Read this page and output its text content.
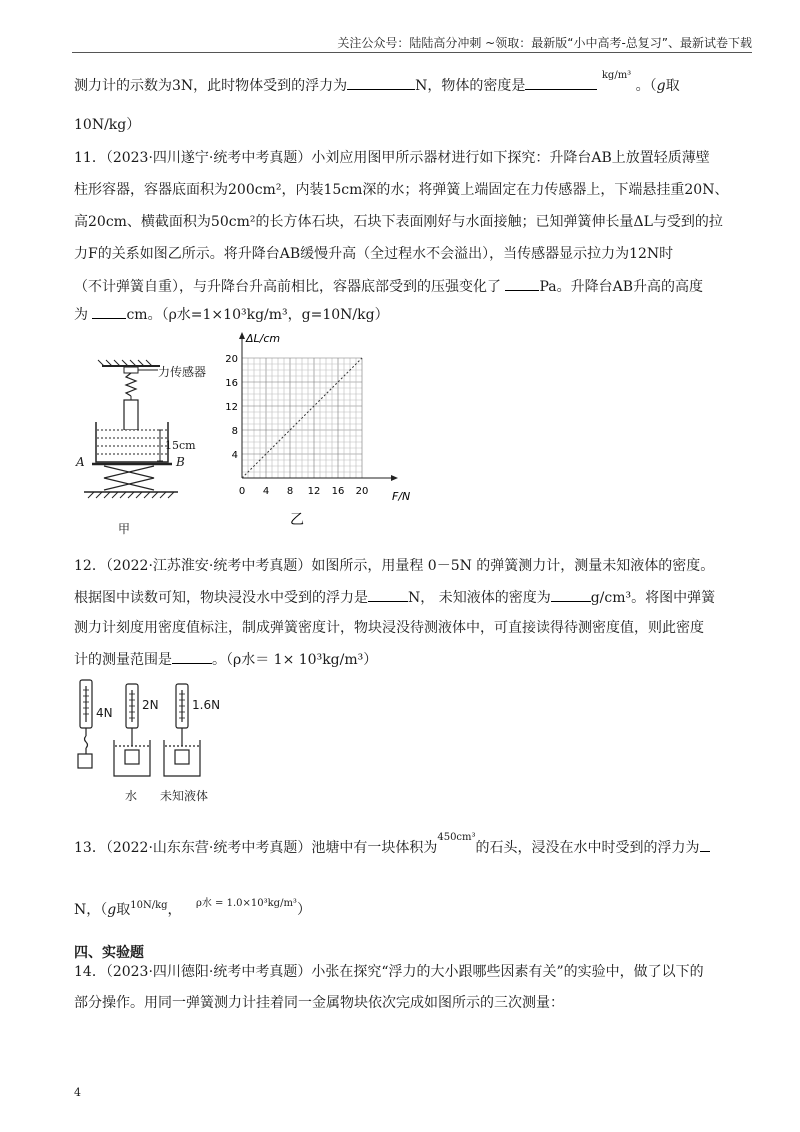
关注公众号：陆陆高分冲刺 ~领取：最新版“小中高考-总复习”、最新试卷下载
测力计的示数为3N，此时物体受到的浮力为	N，物体的密度是 $^{kg/m^3}$ 。（g取
10N/kg）
11．（2023·四川遂宁·统考中考真题）小刘应用图甲所示器材进行如下探究：升降台AB上放置轻质薄壁
柱形容器，容器底面积为200cm²，内装15cm深的水；将弹簧上端固定在力传感器上，下端悬挂重20N、
高20cm、横截面积为50cm²的长方体石块，石块下表面刚好与水面接触；已知弹簧伸长量ΔL与受到的拉
力F的关系如图乙所示。将升降台AB缓慢升高（全过程水不会溢出），当传感器显示拉力为12N时
（不计弹簧自重），与升降台升高前相比，容器底部受到的压强变化了 Pa。升降台AB升高的高度
为 cm。（ρ水=1×10³kg/m³，g=10N/kg）
力传感器
15cm
A	B
甲
ΔL/cm
F/N
0 4 8 12 16 20
4
8
12
16
20
乙
12．（2022·江苏淮安·统考中考真题）如图所示，用量程 0－5N 的弹簧测力计，测量未知液体的密度。
根据图中读数可知，物块浸没水中受到的浮力是	N， 未知液体的密度为	g/cm³。将图中弹簧
测力计刻度用密度值标注，制成弹簧密度计，物块浸没待测液体中，可直接读得待测密度值，则此密度
计的测量范围是	。（ρ水＝ 1× 10³kg/m³）
4N
2N	1.6N
水 未知液体
13．（2022·山东东营·统考中考真题）池塘中有一块体积为$^{450cm^3}$的石头，浸没在水中时受到的浮力为
N，（g取$^{10N/kg}$， $^{\rho 水 = 1.0\times 10^3kg/m^3}$）
四、实验题
14．（2023·四川德阳·统考中考真题）小张在探究“浮力的大小跟哪些因素有关”的实验中，做了以下的
部分操作。用同一弹簧测力计挂着同一金属物块依次完成如图所示的三次测量：
4
